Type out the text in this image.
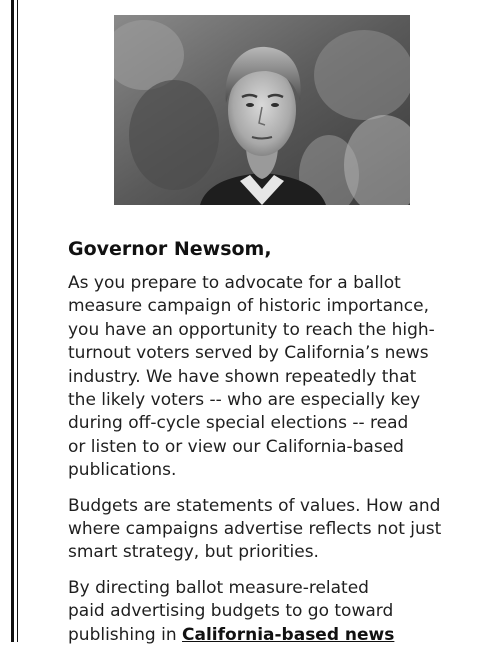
Governor Newsom,
As you prepare to advocate for a ballot
measure campaign of historic importance,
you have an opportunity to reach the high-
turnout voters served by California’s news
industry. We have shown repeatedly that
the likely voters -- who are especially key
during off-cycle special elections -- read
or listen to or view our California-based
publications.
Budgets are statements of values. How and
where campaigns advertise reflects not just
smart strategy, but priorities.
By directing ballot measure-related
paid advertising budgets to go toward
publishing in California-based news
